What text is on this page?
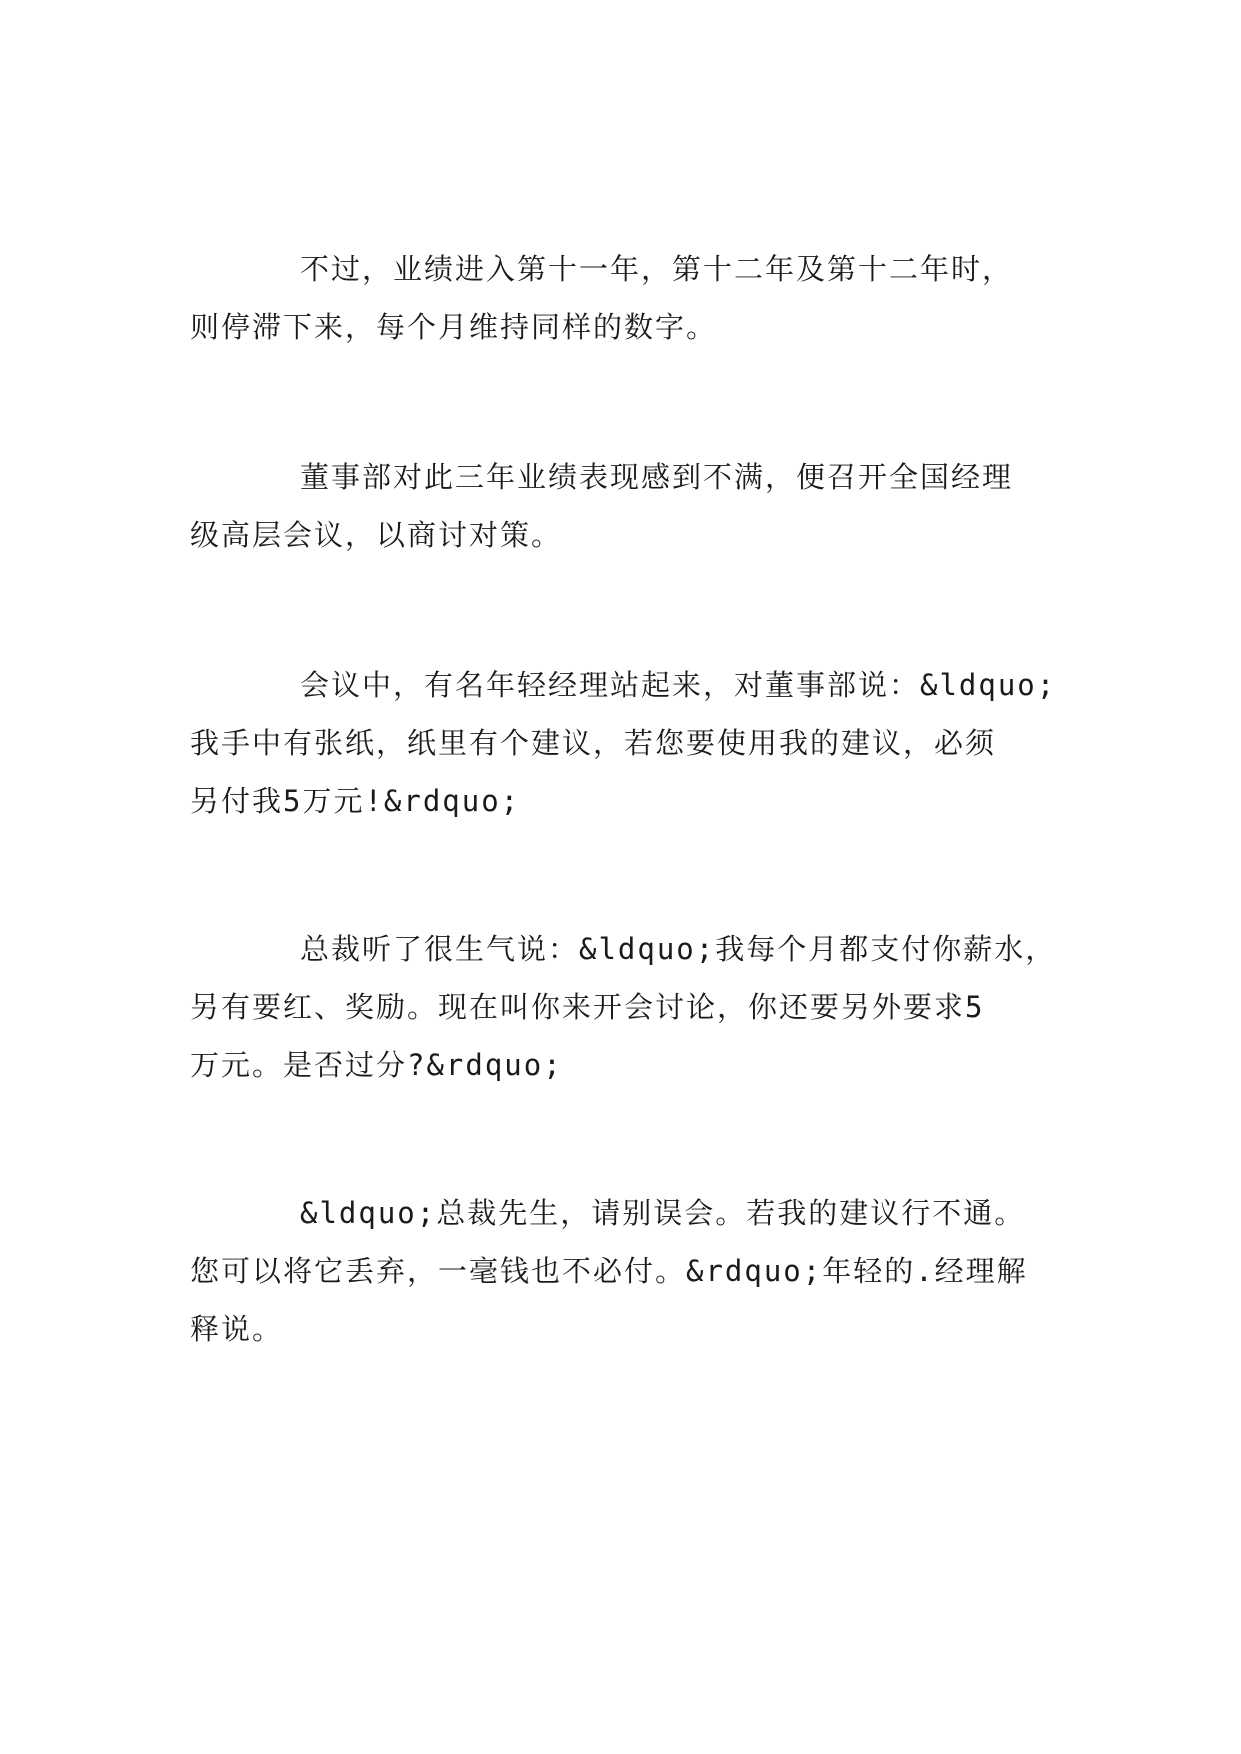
不过，业绩进入第十一年，第十二年及第十二年时，
则停滞下来，每个月维持同样的数字。

董事部对此三年业绩表现感到不满，便召开全国经理
级高层会议，以商讨对策。

会议中，有名年轻经理站起来，对董事部说：&ldquo;
我手中有张纸，纸里有个建议，若您要使用我的建议，必须
另付我5万元!&rdquo;

总裁听了很生气说：&ldquo;我每个月都支付你薪水，
另有要红、奖励。现在叫你来开会讨论，你还要另外要求5
万元。是否过分?&rdquo;

&ldquo;总裁先生，请别误会。若我的建议行不通。
您可以将它丢弃，一毫钱也不必付。&rdquo;年轻的.经理解
释说。
